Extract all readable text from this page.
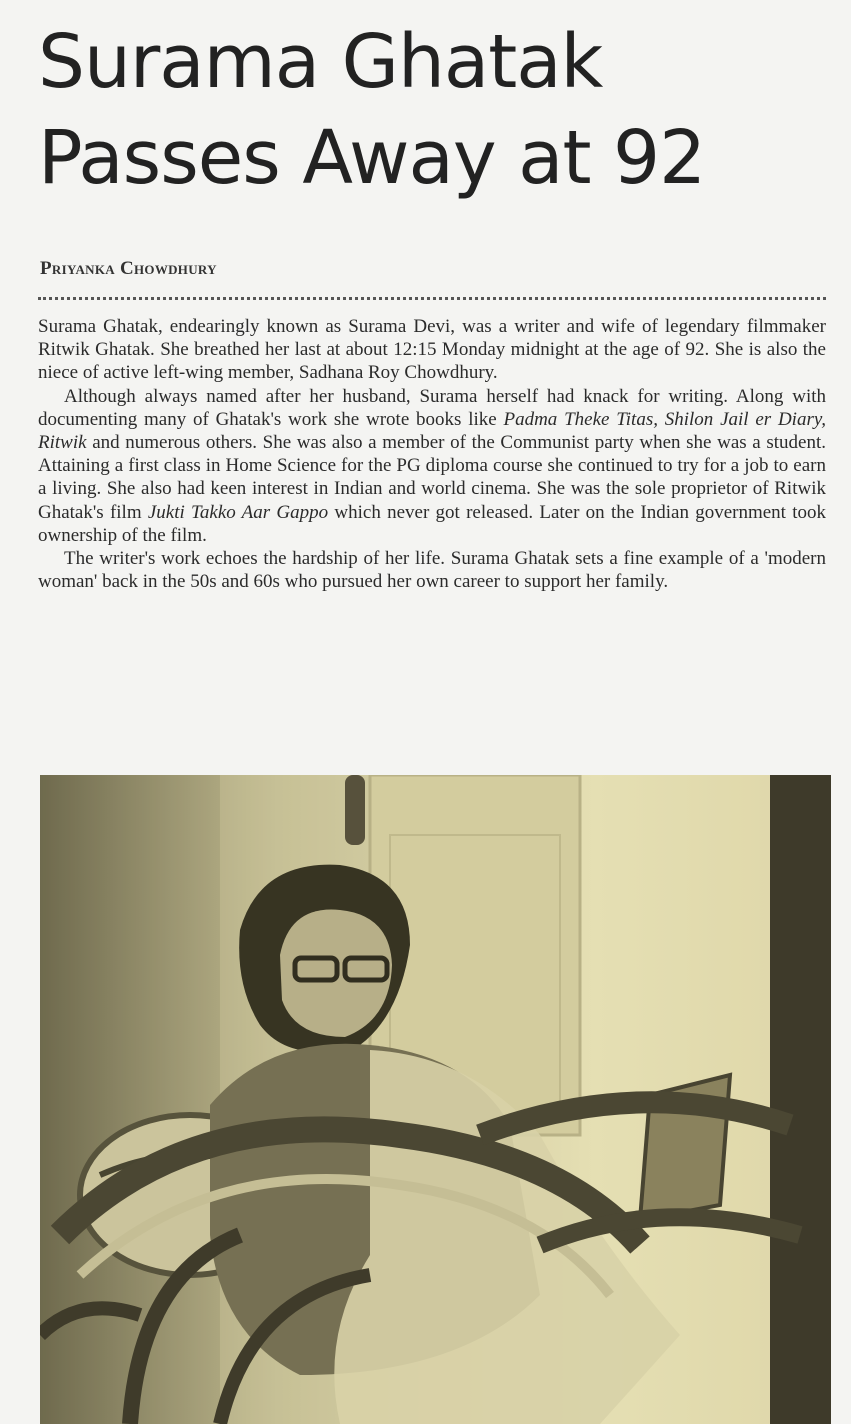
Surama Ghatak
Passes Away at 92
Priyanka Chowdhury

Surama Ghatak, endearingly known as Surama Devi, was a writer and wife of legendary filmmaker Ritwik Ghatak. She breathed her last at about 12:15 Monday midnight at the age of 92. She is also the niece of active left-wing member, Sadhana Roy Chowdhury.

Although always named after her husband, Surama herself had knack for writing. Along with documenting many of Ghatak's work she wrote books like Padma Theke Titas, Shilon Jail er Diary, Ritwik and numerous others. She was also a member of the Communist party when she was a student. Attaining a first class in Home Science for the PG diploma course she continued to try for a job to earn a living. She also had keen interest in Indian and world cinema. She was the sole proprietor of Ritwik Ghatak's film Jukti Takko Aar Gappo which never got released. Later on the Indian government took ownership of the film.

The writer's work echoes the hardship of her life. Surama Ghatak sets a fine example of a 'modern woman' back in the 50s and 60s who pursued her own career to support her family.
